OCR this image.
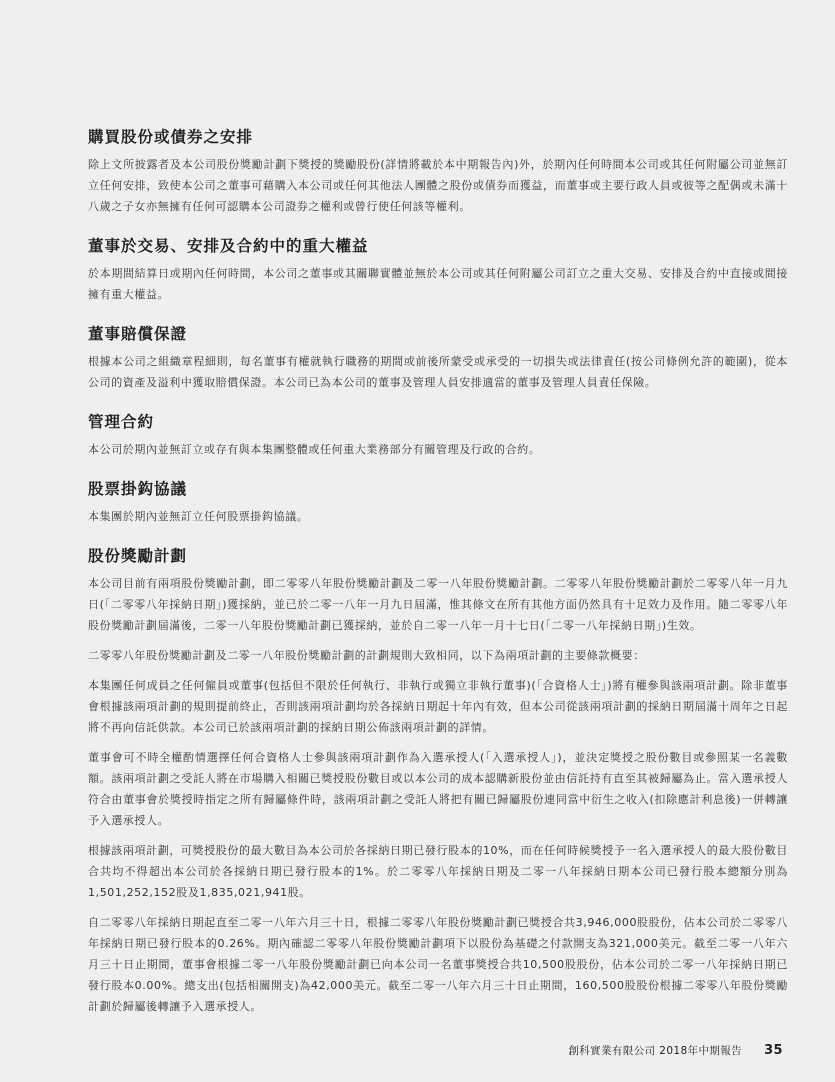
購買股份或債券之安排

除上文所披露者及本公司股份獎勵計劃下獎授的獎勵股份(詳情將載於本中期報告內)外，於期內任何時間本公司或其任何附屬公司並無訂立任何安排，致使本公司之董事可藉購入本公司或任何其他法人團體之股份或債券而獲益，而董事或主要行政人員或彼等之配偶或未滿十八歲之子女亦無擁有任何可認購本公司證券之權利或曾行使任何該等權利。

董事於交易、安排及合約中的重大權益

於本期間結算日或期內任何時間，本公司之董事或其關聯實體並無於本公司或其任何附屬公司訂立之重大交易、安排及合約中直接或間接擁有重大權益。

董事賠償保證

根據本公司之組織章程細則，每名董事有權就執行職務的期間或前後所蒙受或承受的一切損失或法律責任(按公司條例允許的範圍)，從本公司的資產及溢利中獲取賠償保證。本公司已為本公司的董事及管理人員安排適當的董事及管理人員責任保險。

管理合約

本公司於期內並無訂立或存有與本集團整體或任何重大業務部分有關管理及行政的合約。

股票掛鈎協議

本集團於期內並無訂立任何股票掛鈎協議。

股份獎勵計劃

本公司目前有兩項股份獎勵計劃，即二零零八年股份獎勵計劃及二零一八年股份獎勵計劃。二零零八年股份獎勵計劃於二零零八年一月九日(「二零零八年採納日期」)獲採納，並已於二零一八年一月九日屆滿，惟其條文在所有其他方面仍然具有十足效力及作用。隨二零零八年股份獎勵計劃屆滿後，二零一八年股份獎勵計劃已獲採納，並於自二零一八年一月十七日(「二零一八年採納日期」)生效。

二零零八年股份獎勵計劃及二零一八年股份獎勵計劃的計劃規則大致相同，以下為兩項計劃的主要條款概要：

本集團任何成員之任何僱員或董事(包括但不限於任何執行、非執行或獨立非執行董事)(「合資格人士」)將有權參與該兩項計劃。除非董事會根據該兩項計劃的規則提前終止，否則該兩項計劃均於各採納日期起十年內有效，但本公司從該兩項計劃的採納日期屆滿十周年之日起將不再向信託供款。本公司已於該兩項計劃的採納日期公佈該兩項計劃的詳情。

董事會可不時全權酌情選擇任何合資格人士參與該兩項計劃作為入選承授人(「入選承授人」)，並決定獎授之股份數目或參照某一名義數額。該兩項計劃之受託人將在市場購入相關已獎授股份數目或以本公司的成本認購新股份並由信託持有直至其被歸屬為止。當入選承授人符合由董事會於獎授時指定之所有歸屬條件時，該兩項計劃之受託人將把有關已歸屬股份連同當中衍生之收入(扣除應計利息後)一併轉讓予入選承授人。

根據該兩項計劃，可獎授股份的最大數目為本公司於各採納日期已發行股本的10%，而在任何時候獎授予一名入選承授人的最大股份數目合共均不得超出本公司於各採納日期已發行股本的1%。於二零零八年採納日期及二零一八年採納日期本公司已發行股本總額分別為1,501,252,152股及1,835,021,941股。

自二零零八年採納日期起直至二零一八年六月三十日，根據二零零八年股份獎勵計劃已獎授合共3,946,000股股份，佔本公司於二零零八年採納日期已發行股本的0.26%。期內確認二零零八年股份獎勵計劃項下以股份為基礎之付款開支為321,000美元。截至二零一八年六月三十日止期間，董事會根據二零一八年股份獎勵計劃已向本公司一名董事獎授合共10,500股股份，佔本公司於二零一八年採納日期已發行股本0.00%。總支出(包括相關開支)為42,000美元。截至二零一八年六月三十日止期間，160,500股股份根據二零零八年股份獎勵計劃於歸屬後轉讓予入選承授人。

創科實業有限公司 2018年中期報告 35
